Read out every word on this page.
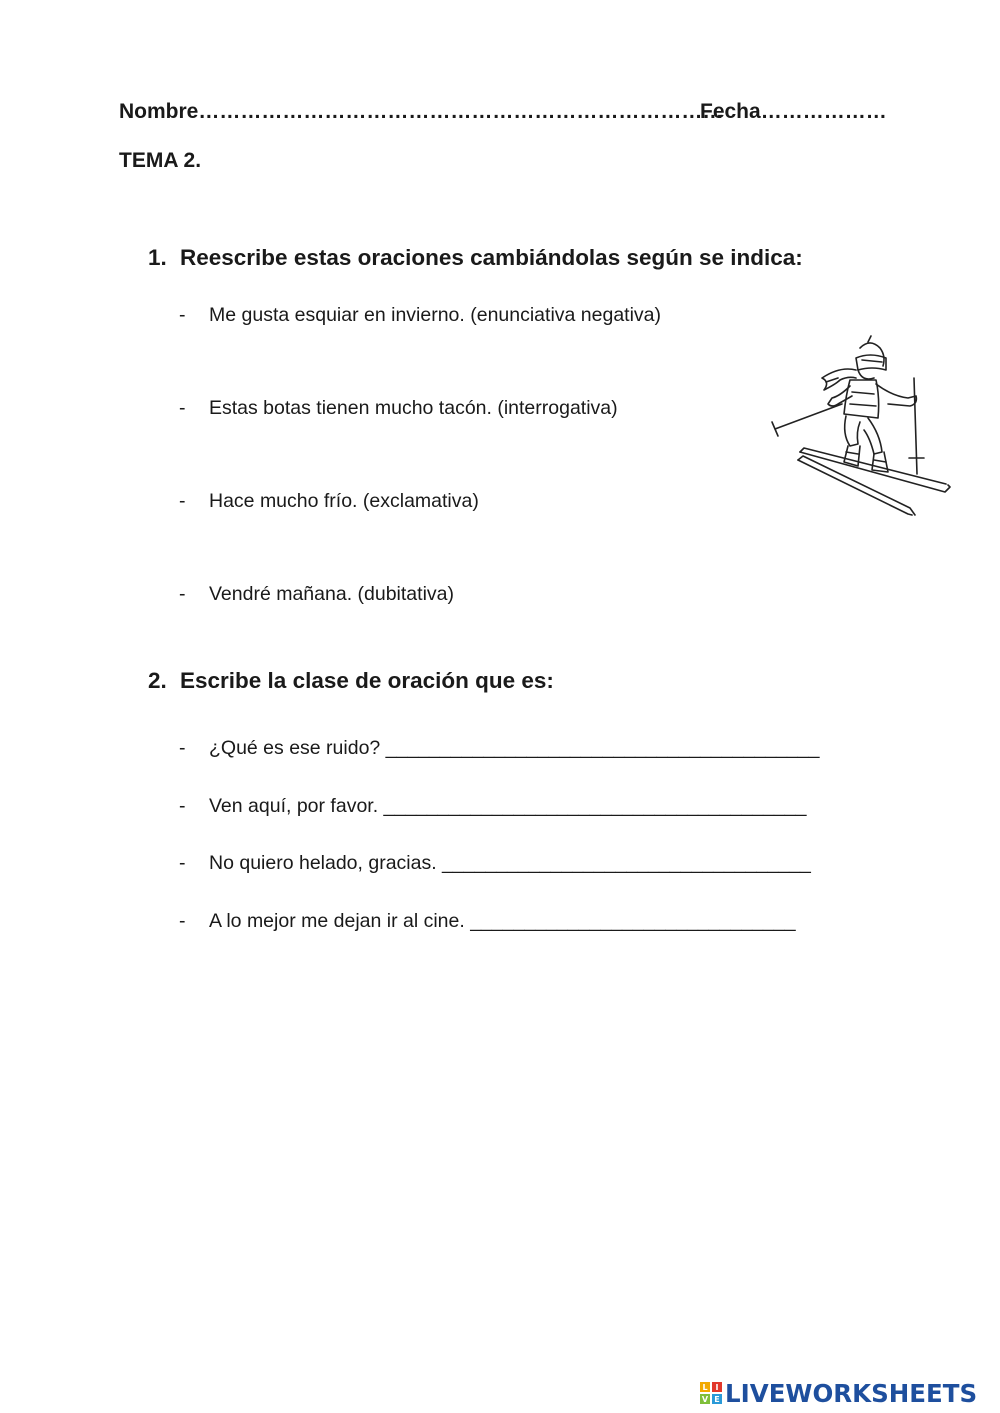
Nombre…………………………………………………………………
Fecha………………
TEMA 2.
1. Reescribe estas oraciones cambiándolas según se indica:
- Me gusta esquiar en invierno. (enunciativa negativa)
- Estas botas tienen mucho tacón. (interrogativa)
- Hace mucho frío. (exclamativa)
- Vendré mañana. (dubitativa)
2. Escribe la clase de oración que es:
- ¿Qué es ese ruido? ________________________________________
- Ven aquí, por favor. _______________________________________
- No quiero helado, gracias. __________________________________
- A lo mejor me dejan ir al cine. ______________________________
L I
V E LIVEWORKSHEETS
